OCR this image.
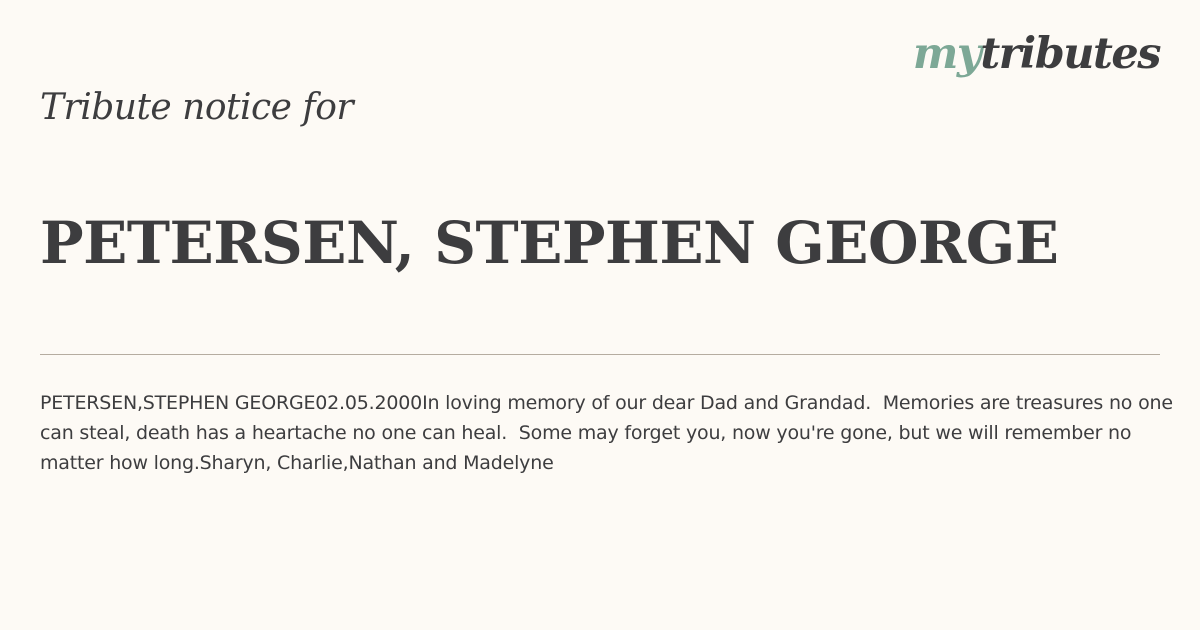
mytributes
Tribute notice for
PETERSEN, STEPHEN GEORGE

PETERSEN,STEPHEN GEORGE02.05.2000In loving memory of our dear Dad and Grandad.  Memories are treasures no one can steal, death has a heartache no one can heal.  Some may forget you, now you're gone, but we will remember no matter how long.Sharyn, Charlie,Nathan and Madelyne
